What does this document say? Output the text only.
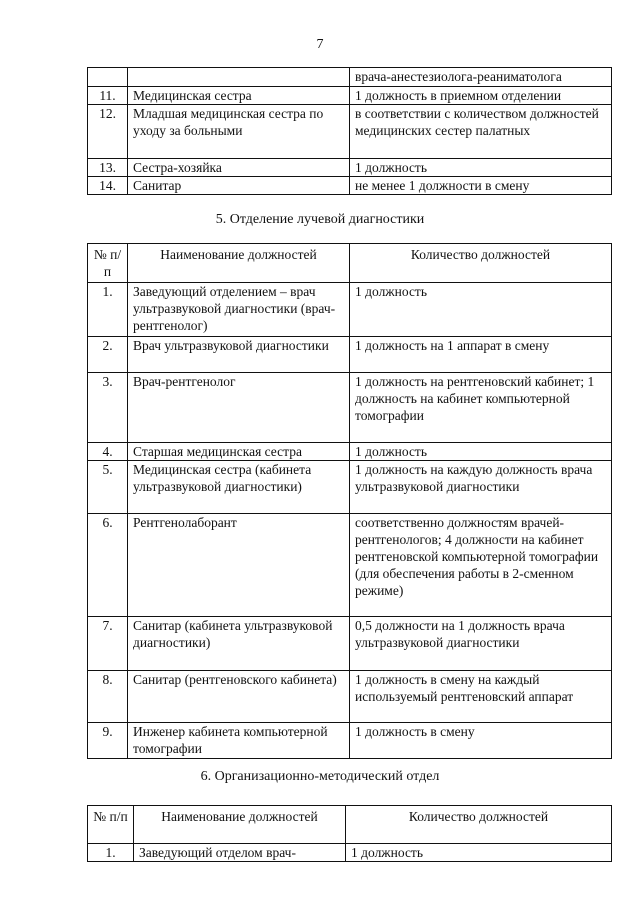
7
		врача-анестезиолога-реаниматолога
11.	Медицинская сестра	1 должность в приемном отделении
12.	Младшая медицинская сестра по уходу за больными	в соответствии с количеством должностей медицинских сестер палатных
13.	Сестра-хозяйка	1 должность
14.	Санитар	не менее 1 должности в смену
5. Отделение лучевой диагностики
№ п/п	Наименование должностей	Количество должностей
1.	Заведующий отделением – врач ультразвуковой диагностики (врач-рентгенолог)	1 должность
2.	Врач ультразвуковой диагностики	1 должность на 1 аппарат в смену
3.	Врач-рентгенолог	1 должность на рентгеновский кабинет; 1 должность на кабинет компьютерной томографии
4.	Старшая медицинская сестра	1 должность
5.	Медицинская сестра (кабинета ультразвуковой диагностики)	1 должность на каждую должность врача ультразвуковой диагностики
6.	Рентгенолаборант	соответственно должностям врачей-рентгенологов; 4 должности на кабинет рентгеновской компьютерной томографии (для обеспечения работы в 2-сменном режиме)
7.	Санитар (кабинета ультразвуковой диагностики)	0,5 должности на 1 должность врача ультразвуковой диагностики
8.	Санитар (рентгеновского кабинета)	1 должность в смену на каждый используемый рентгеновский аппарат
9.	Инженер кабинета компьютерной томографии	1 должность в смену
6. Организационно-методический отдел
№ п/п	Наименование должностей	Количество должностей
1.	Заведующий отделом врач-	1 должность
